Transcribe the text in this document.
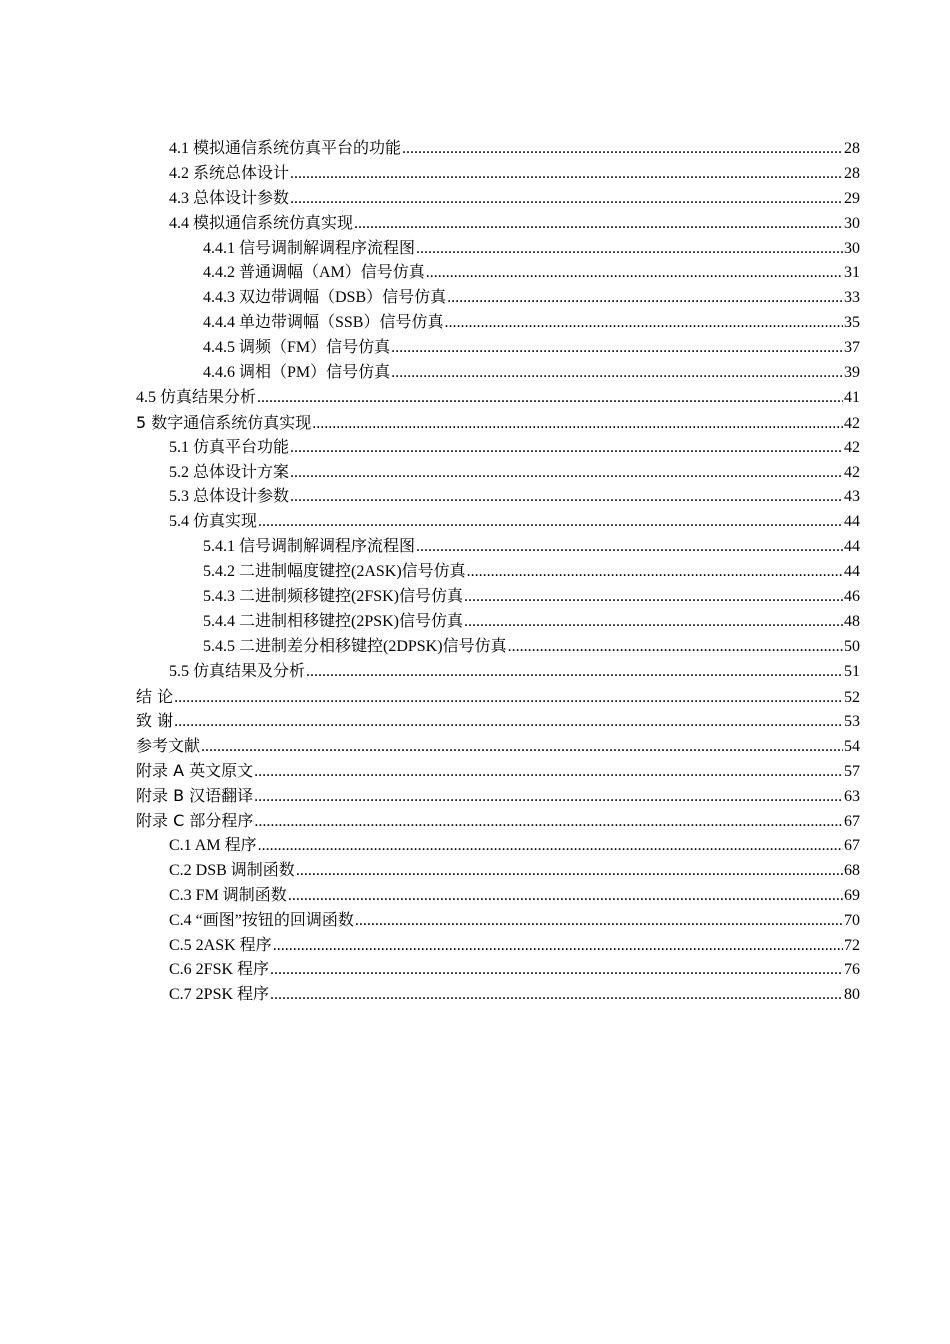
4.1 模拟通信系统仿真平台的功能 .....	28
4.2 系统总体设计 .....	28
4.3 总体设计参数 .....	29
4.4 模拟通信系统仿真实现 .....	30
4.4.1 信号调制解调程序流程图 .....	30
4.4.2 普通调幅（AM）信号仿真 .....	31
4.4.3 双边带调幅（DSB）信号仿真 .....	33
4.4.4 单边带调幅（SSB）信号仿真 .....	35
4.4.5 调频（FM）信号仿真 .....	37
4.4.6 调相（PM）信号仿真 .....	39
4.5 仿真结果分析 .....	41
5 数字通信系统仿真实现 .....	42
5.1 仿真平台功能 .....	42
5.2 总体设计方案 .....	42
5.3 总体设计参数 .....	43
5.4 仿真实现 .....	44
5.4.1 信号调制解调程序流程图 .....	44
5.4.2 二进制幅度键控(2ASK)信号仿真 .....	44
5.4.3 二进制频移键控(2FSK)信号仿真 .....	46
5.4.4 二进制相移键控(2PSK)信号仿真 .....	48
5.4.5 二进制差分相移键控(2DPSK)信号仿真 .....	50
5.5 仿真结果及分析 .....	51
结 论 .....	52
致 谢 .....	53
参考文献 .....	54
附录 A 英文原文 .....	57
附录 B 汉语翻译 .....	63
附录 C 部分程序 .....	67
C.1 AM 程序 .....	67
C.2 DSB 调制函数 .....	68
C.3 FM 调制函数 .....	69
C.4 “画图”按钮的回调函数 .....	70
C.5 2ASK 程序 .....	72
C.6 2FSK 程序 .....	76
C.7 2PSK 程序 .....	80
